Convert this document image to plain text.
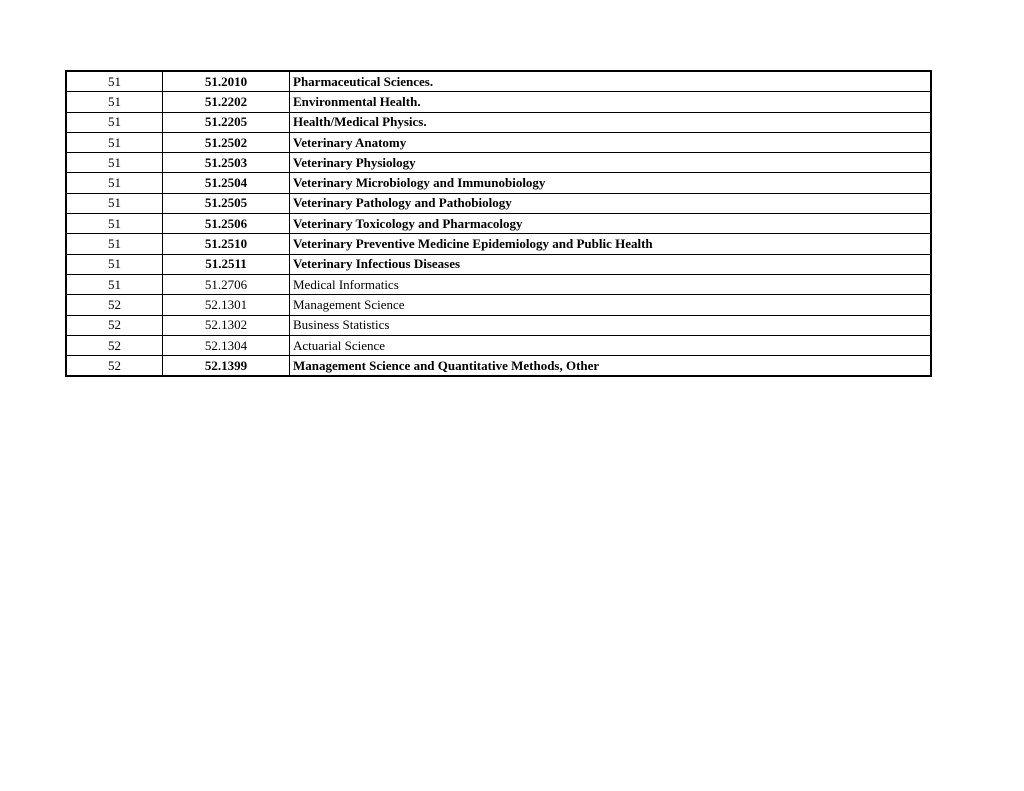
51	51.2010	Pharmaceutical Sciences.
51	51.2202	Environmental Health.
51	51.2205	Health/Medical Physics.
51	51.2502	Veterinary Anatomy
51	51.2503	Veterinary Physiology
51	51.2504	Veterinary Microbiology and Immunobiology
51	51.2505	Veterinary Pathology and Pathobiology
51	51.2506	Veterinary Toxicology and Pharmacology
51	51.2510	Veterinary Preventive Medicine Epidemiology and Public Health
51	51.2511	Veterinary Infectious Diseases
51	51.2706	Medical Informatics
52	52.1301	Management Science
52	52.1302	Business Statistics
52	52.1304	Actuarial Science
52	52.1399	Management Science and Quantitative Methods, Other
